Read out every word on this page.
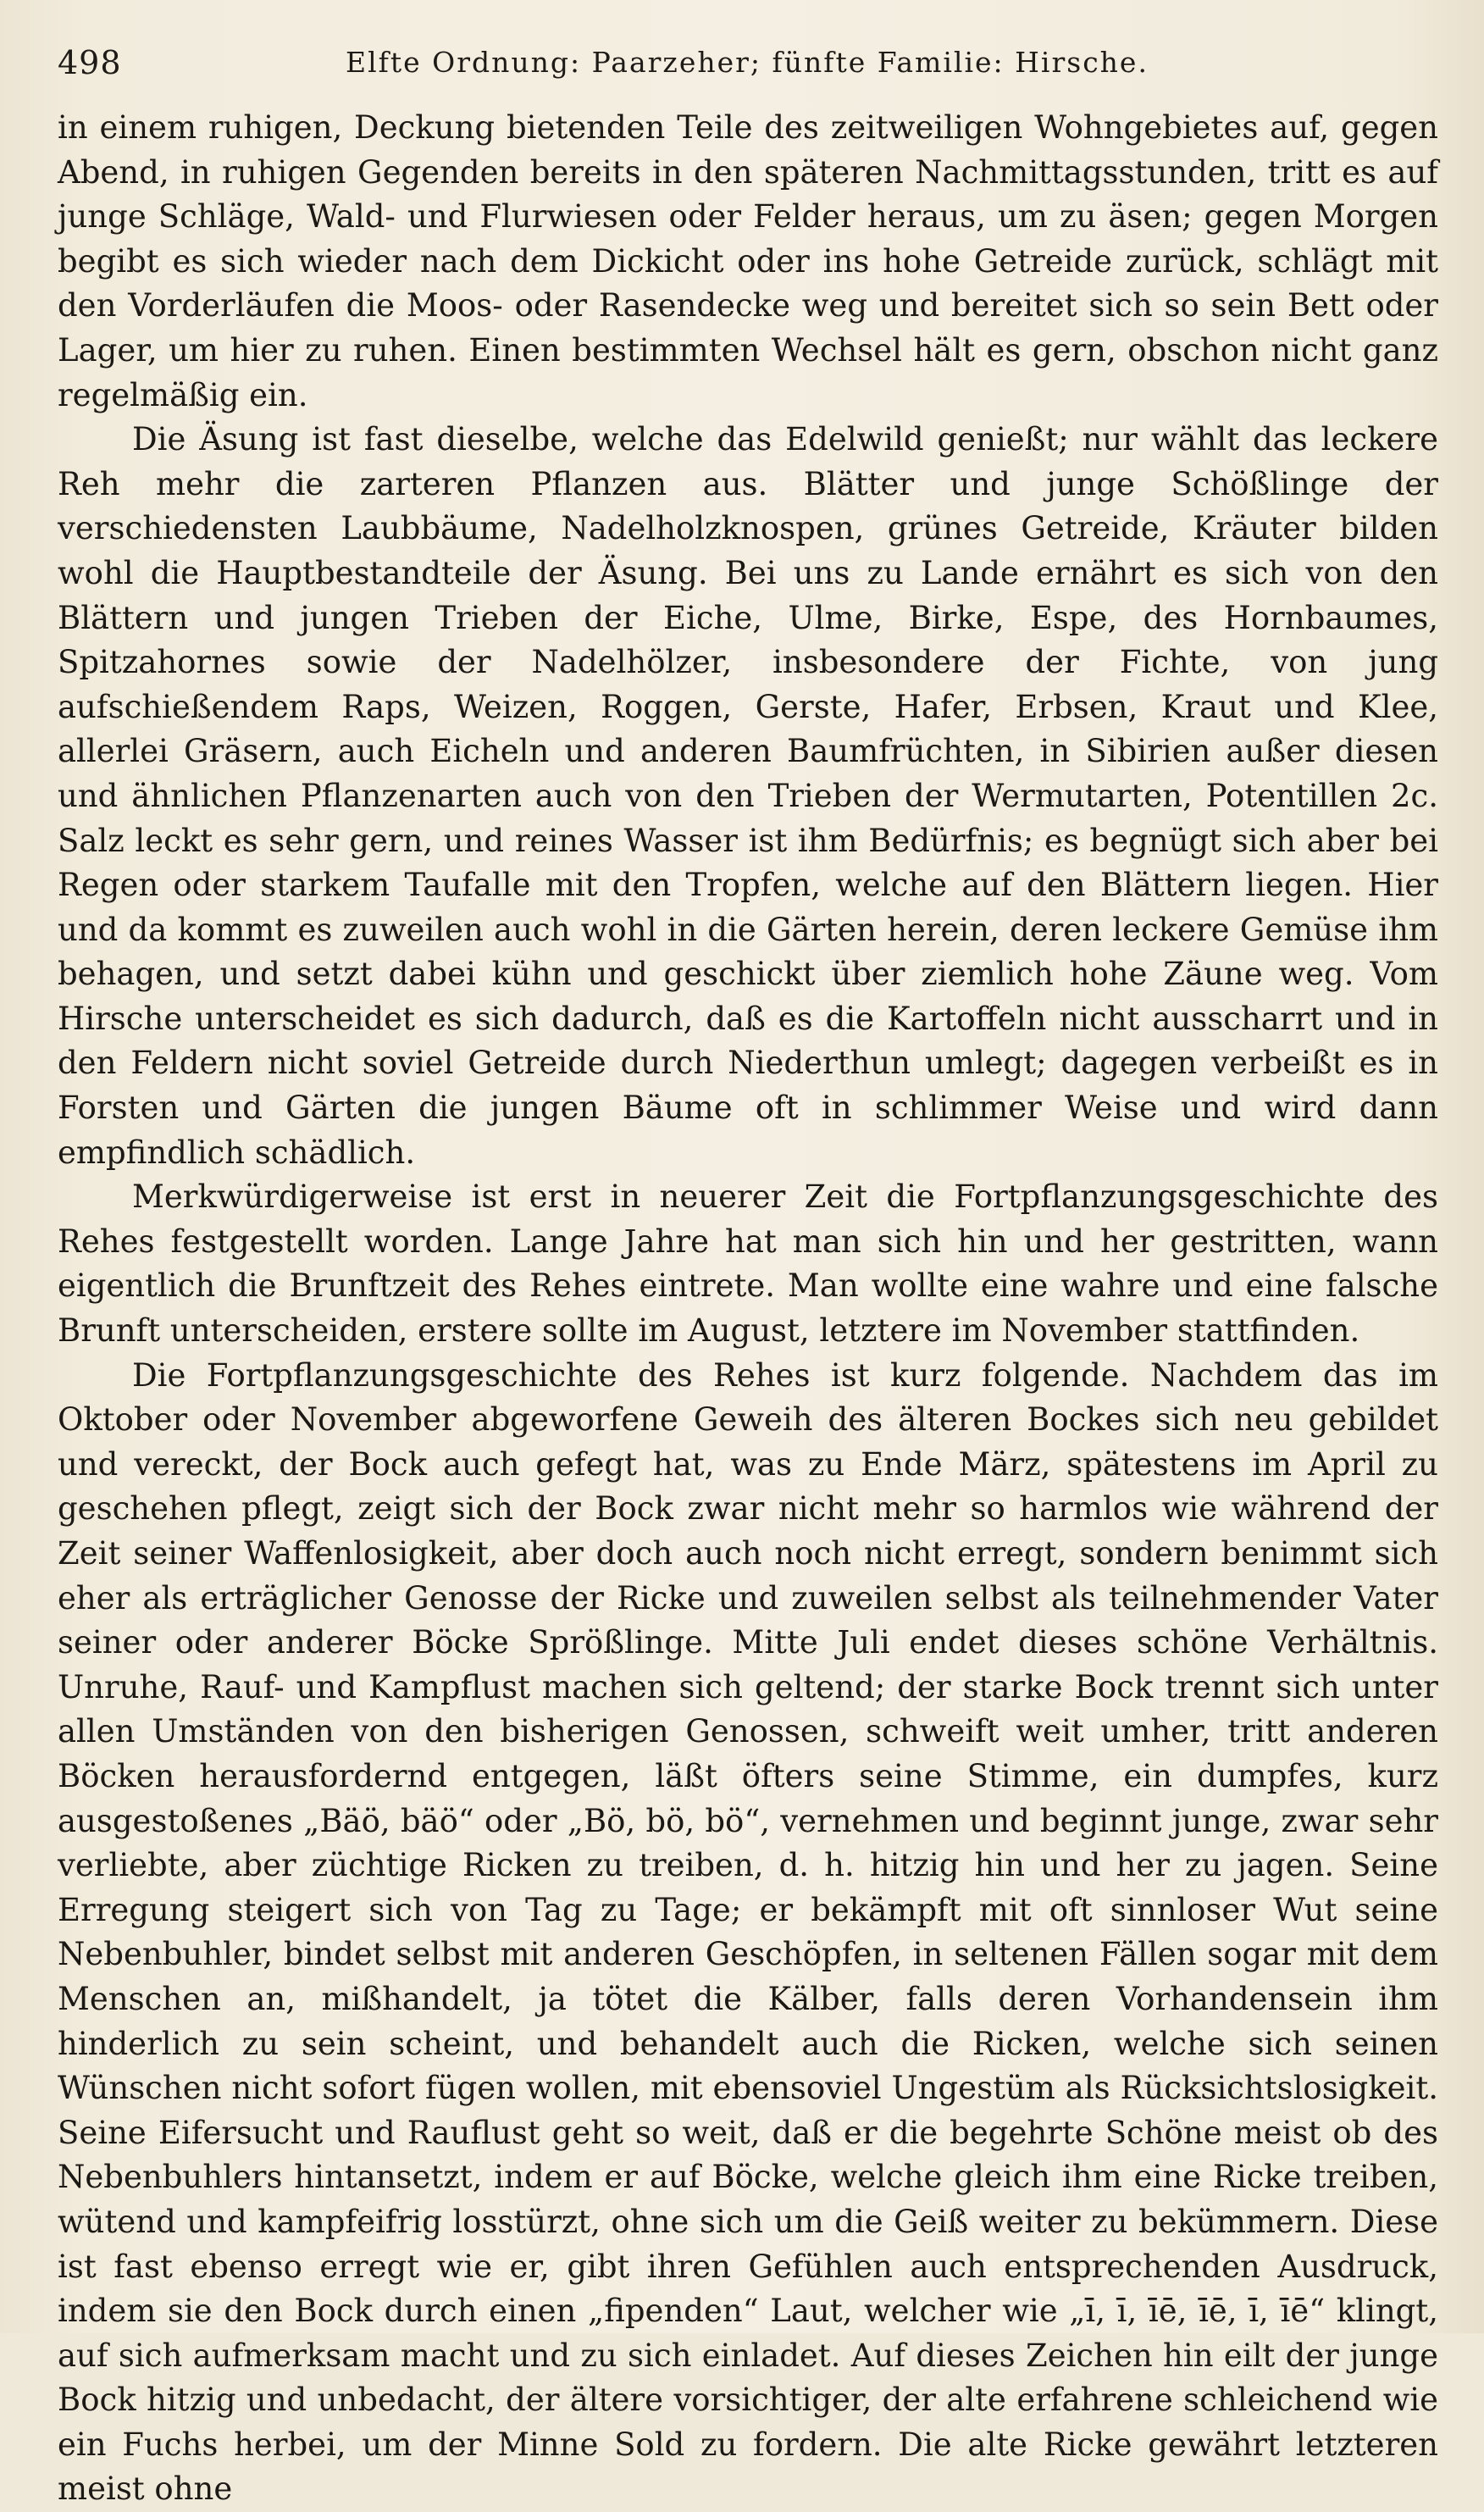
498	Elfte Ordnung: Paarzeher; fünfte Familie: Hirsche.

in einem ruhigen, Deckung bietenden Teile des zeitweiligen Wohngebietes auf, gegen Abend, in ruhigen Gegenden bereits in den späteren Nachmittagsstunden, tritt es auf junge Schläge, Wald- und Flurwiesen oder Felder heraus, um zu äsen; gegen Morgen begibt es sich wieder nach dem Dickicht oder ins hohe Getreide zurück, schlägt mit den Vorderläufen die Moos- oder Rasendecke weg und bereitet sich so sein Bett oder Lager, um hier zu ruhen. Einen bestimmten Wechsel hält es gern, obschon nicht ganz regelmäßig ein.

Die Äsung ist fast dieselbe, welche das Edelwild genießt; nur wählt das leckere Reh mehr die zarteren Pflanzen aus. Blätter und junge Schößlinge der verschiedensten Laubbäume, Nadelholzknospen, grünes Getreide, Kräuter bilden wohl die Hauptbestandteile der Äsung. Bei uns zu Lande ernährt es sich von den Blättern und jungen Trieben der Eiche, Ulme, Birke, Espe, des Hornbaumes, Spitzahornes sowie der Nadelhölzer, insbesondere der Fichte, von jung aufschießendem Raps, Weizen, Roggen, Gerste, Hafer, Erbsen, Kraut und Klee, allerlei Gräsern, auch Eicheln und anderen Baumfrüchten, in Sibirien außer diesen und ähnlichen Pflanzenarten auch von den Trieben der Wermutarten, Potentillen 2c. Salz leckt es sehr gern, und reines Wasser ist ihm Bedürfnis; es begnügt sich aber bei Regen oder starkem Taufalle mit den Tropfen, welche auf den Blättern liegen. Hier und da kommt es zuweilen auch wohl in die Gärten herein, deren leckere Gemüse ihm behagen, und setzt dabei kühn und geschickt über ziemlich hohe Zäune weg. Vom Hirsche unterscheidet es sich dadurch, daß es die Kartoffeln nicht ausscharrt und in den Feldern nicht soviel Getreide durch Niederthun umlegt; dagegen verbeißt es in Forsten und Gärten die jungen Bäume oft in schlimmer Weise und wird dann empfindlich schädlich.

Merkwürdigerweise ist erst in neuerer Zeit die Fortpflanzungsgeschichte des Rehes festgestellt worden. Lange Jahre hat man sich hin und her gestritten, wann eigentlich die Brunftzeit des Rehes eintrete. Man wollte eine wahre und eine falsche Brunft unterscheiden, erstere sollte im August, letztere im November stattfinden.

Die Fortpflanzungsgeschichte des Rehes ist kurz folgende. Nachdem das im Oktober oder November abgeworfene Geweih des älteren Bockes sich neu gebildet und vereckt, der Bock auch gefegt hat, was zu Ende März, spätestens im April zu geschehen pflegt, zeigt sich der Bock zwar nicht mehr so harmlos wie während der Zeit seiner Waffenlosigkeit, aber doch auch noch nicht erregt, sondern benimmt sich eher als erträglicher Genosse der Ricke und zuweilen selbst als teilnehmender Vater seiner oder anderer Böcke Sprößlinge. Mitte Juli endet dieses schöne Verhältnis. Unruhe, Rauf- und Kampflust machen sich geltend; der starke Bock trennt sich unter allen Umständen von den bisherigen Genossen, schweift weit umher, tritt anderen Böcken herausfordernd entgegen, läßt öfters seine Stimme, ein dumpfes, kurz ausgestoßenes „Bäö, bäö“ oder „Bö, bö, bö“, vernehmen und beginnt junge, zwar sehr verliebte, aber züchtige Ricken zu treiben, d. h. hitzig hin und her zu jagen. Seine Erregung steigert sich von Tag zu Tage; er bekämpft mit oft sinnloser Wut seine Nebenbuhler, bindet selbst mit anderen Geschöpfen, in seltenen Fällen sogar mit dem Menschen an, mißhandelt, ja tötet die Kälber, falls deren Vorhandensein ihm hinderlich zu sein scheint, und behandelt auch die Ricken, welche sich seinen Wünschen nicht sofort fügen wollen, mit ebensoviel Ungestüm als Rücksichtslosigkeit. Seine Eifersucht und Rauflust geht so weit, daß er die begehrte Schöne meist ob des Nebenbuhlers hintansetzt, indem er auf Böcke, welche gleich ihm eine Ricke treiben, wütend und kampfeifrig losstürzt, ohne sich um die Geiß weiter zu bekümmern. Diese ist fast ebenso erregt wie er, gibt ihren Gefühlen auch entsprechenden Ausdruck, indem sie den Bock durch einen „fipenden“ Laut, welcher wie „ī, ī, īē, īē, ī, īē“ klingt, auf sich aufmerksam macht und zu sich einladet. Auf dieses Zeichen hin eilt der junge Bock hitzig und unbedacht, der ältere vorsichtiger, der alte erfahrene schleichend wie ein Fuchs herbei, um der Minne Sold zu fordern. Die alte Ricke gewährt letzteren meist ohne
